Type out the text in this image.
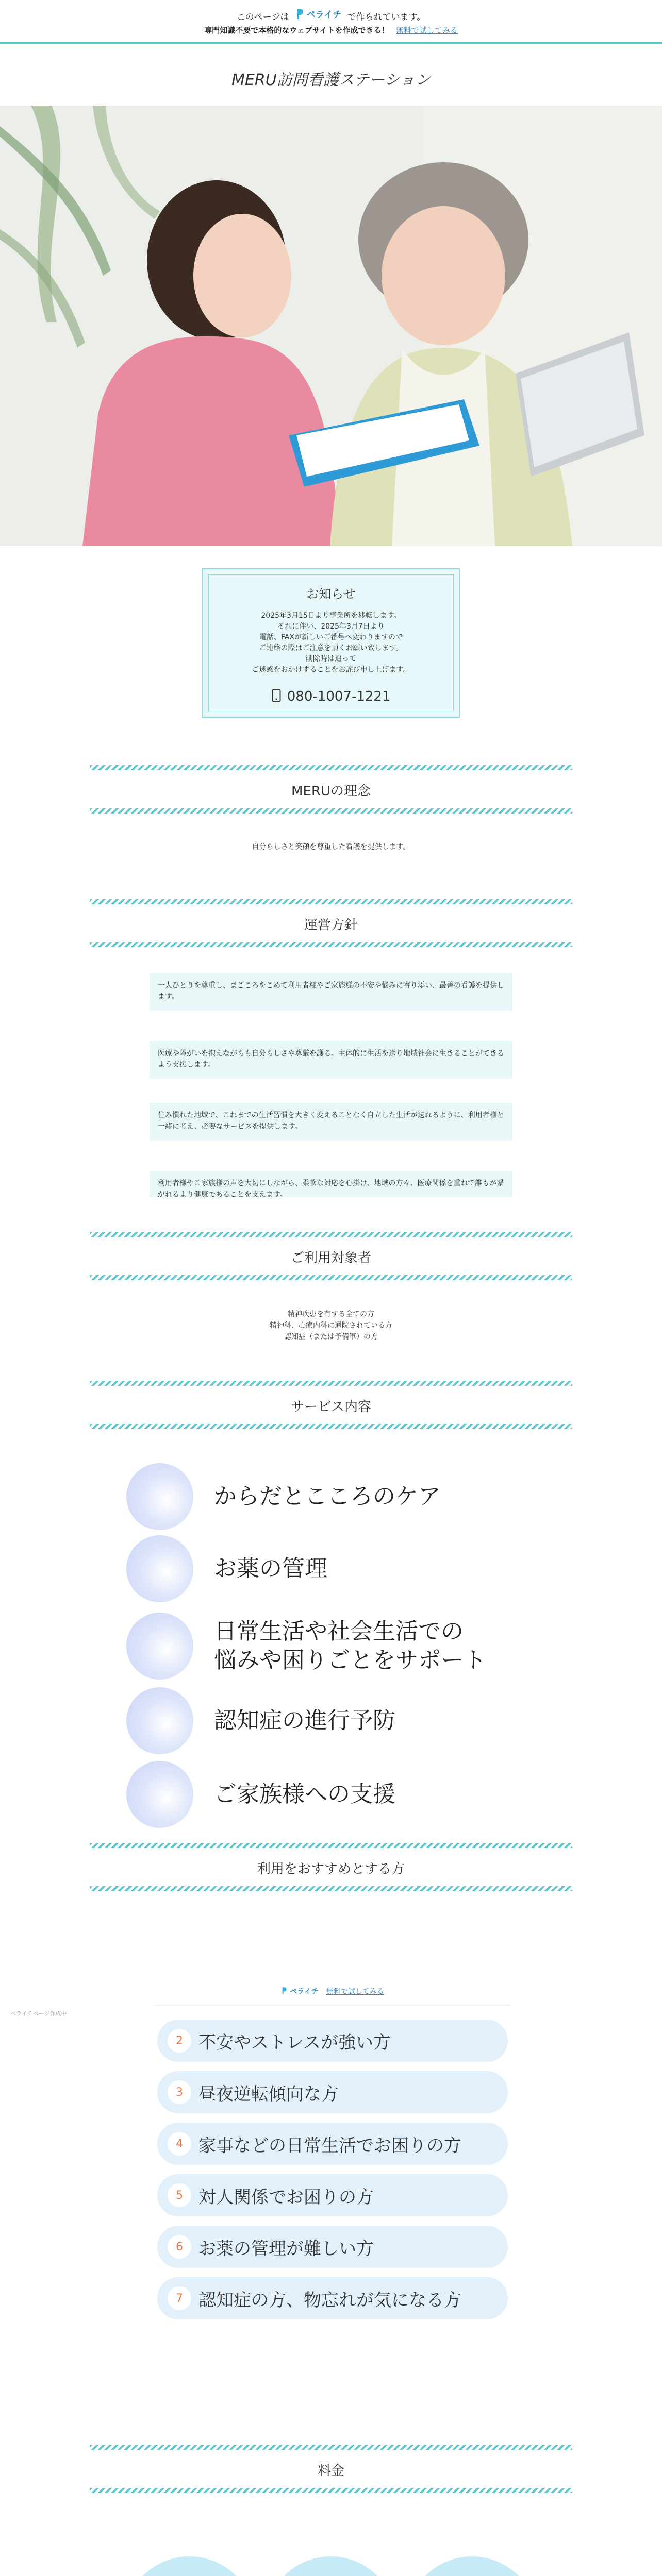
このページは ペライチ で作られています。
専門知識不要で本格的なウェブサイトを作成できる！ 無料で試してみる
MERU訪問看護ステーション
お知らせ
2025年3月15日より事業所を移転します。
それに伴い、2025年3月7日より
電話、FAXが新しいご番号へ変わりますので
ご連絡の際はご注意を頂くお願い致します。
削除時は追って
ご迷惑をおかけすることをお詫び申し上げます。
080-1007-1221
MERUの理念
自分らしさと笑顔を尊重した看護を提供します。
運営方針
一人ひとりを尊重し、まごころをこめて利用者様やご家族様の不安や悩みに寄り添い、最善の看護を提供します。
医療や障がいを抱えながらも自分らしさや尊厳を護る。主体的に生活を送り地域社会に生きることができるよう支援します。
住み慣れた地域で、これまでの生活習慣を大きく変えることなく自立した生活が送れるように、利用者様と一緒に考え、必要なサービスを提供します。
利用者様やご家族様の声を大切にしながら、柔軟な対応を心掛け、地域の方々、医療関係を重ねて誰もが繋がれるより健康であることを支えます。
ご利用対象者
精神疾患を有する全ての方
精神科、心療内科に通院されている方
認知症（または予備軍）の方
サービス内容
からだとこころのケア
お薬の管理
日常生活や社会生活での
悩みや困りごとをサポート
認知症の進行予防
ご家族様への支援
利用をおすすめとする方
ペライチ 無料で試してみる
ペライチページ作成中
2 不安やストレスが強い方
3 昼夜逆転傾向な方
4 家事などの日常生活でお困りの方
5 対人関係でお困りの方
6 お薬の管理が難しい方
7 認知症の方、物忘れが気になる方
料金
